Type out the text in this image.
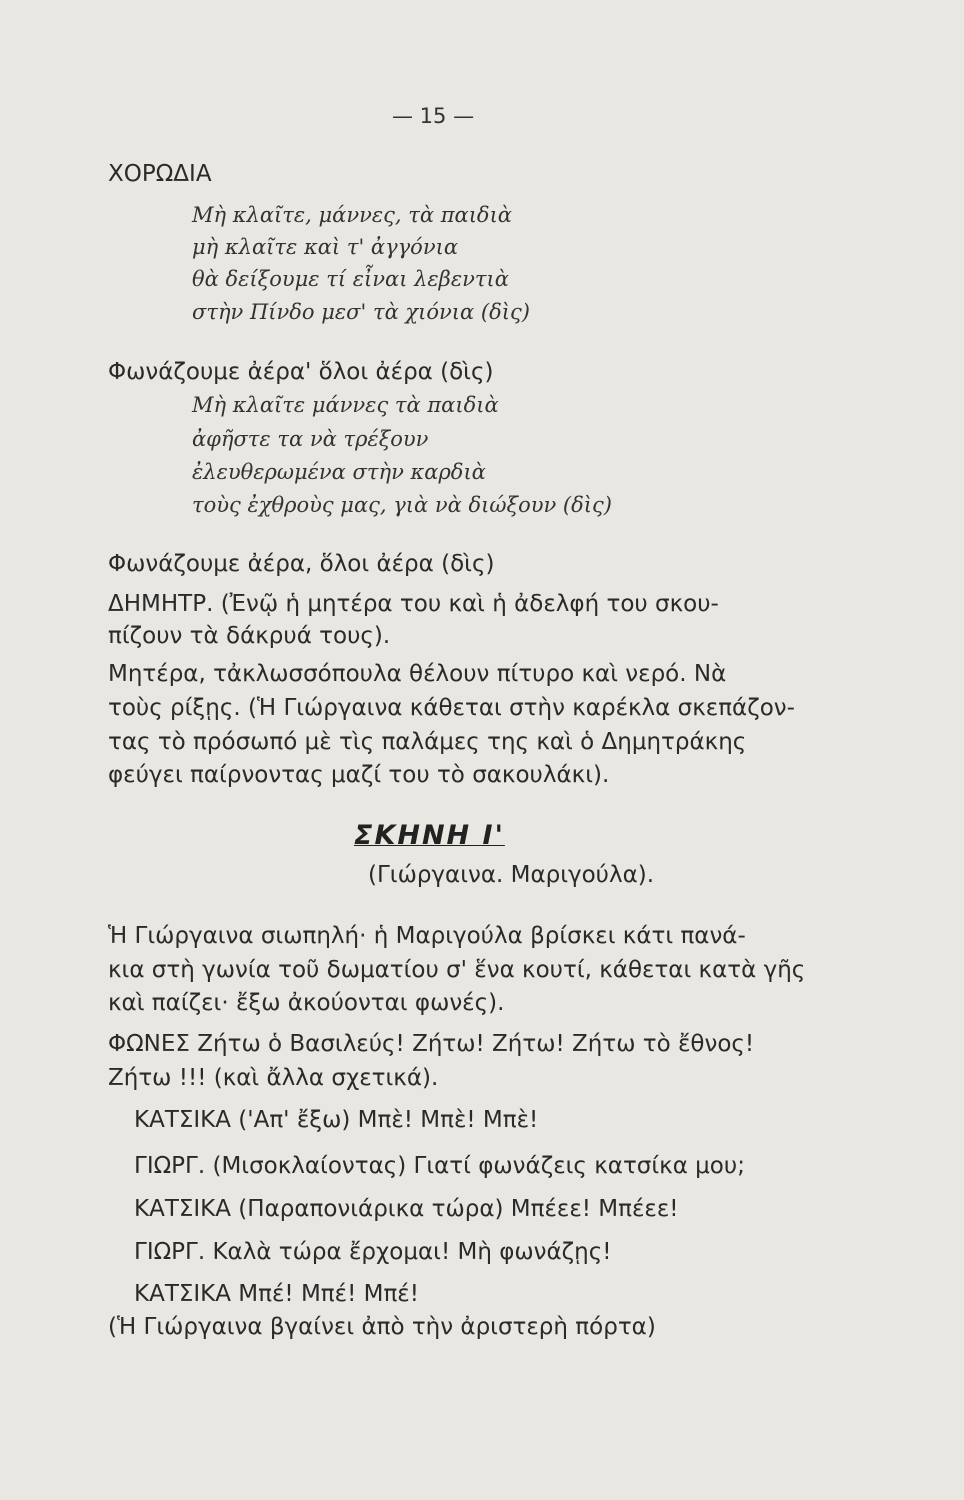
— 15 —
ΧΟΡΩΔΙΑ
Μὴ κλαῖτε, μάννες, τὰ παιδιὰ
μὴ κλαῖτε καὶ τ' ἀγγόνια
θὰ δείξουμε τί εἶναι λεβεντιὰ
στὴν Πίνδο μεσ' τὰ χιόνια (δὶς)
Φωνάζουμε ἀέρα' ὅλοι ἀέρα (δὶς)
Μὴ κλαῖτε μάννες τὰ παιδιὰ
ἀφῆστε τα νὰ τρέξουν
ἐλευθερωμένα στὴν καρδιὰ
τοὺς ἐχθροὺς μας, γιὰ νὰ διώξουν (δὶς)
Φωνάζουμε ἀέρα, ὅλοι ἀέρα (δὶς)
ΔΗΜΗΤΡ. (Ἐνῷ ἡ μητέρα του καὶ ἡ ἀδελφή του σκου-
πίζουν τὰ δάκρυά τους).
Μητέρα, τἀκλωσσόπουλα θέλουν πίτυρο καὶ νερό. Νὰ
τοὺς ρίξῃς. (Ἡ Γιώργαινα κάθεται στὴν καρέκλα σκεπάζον-
τας τὸ πρόσωπό μὲ τὶς παλάμες της καὶ ὁ Δημητράκης
φεύγει παίρνοντας μαζί του τὸ σακουλάκι).
ΣΚΗΝΗ Ι'
(Γιώργαινα. Μαριγούλα).
Ἡ Γιώργαινα σιωπηλή· ἡ Μαριγούλα βρίσκει κάτι πανά-
κια στὴ γωνία τοῦ δωματίου σ' ἕνα κουτί, κάθεται κατὰ γῆς
καὶ παίζει· ἔξω ἀκούονται φωνές).
ΦΩΝΕΣ Ζήτω ὁ Βασιλεύς! Ζήτω! Ζήτω! Ζήτω τὸ ἔθνος!
Ζήτω !!! (καὶ ἄλλα σχετικά).
ΚΑΤΣΙΚΑ ('Απ' ἔξω) Μπὲ! Μπὲ! Μπὲ!
ΓΙΩΡΓ. (Μισοκλαίοντας) Γιατί φωνάζεις κατσίκα μου;
ΚΑΤΣΙΚΑ (Παραπονιάρικα τώρα) Μπέεε! Μπέεε!
ΓΙΩΡΓ. Καλὰ τώρα ἔρχομαι! Μὴ φωνάζῃς!
ΚΑΤΣΙΚΑ Μπέ! Μπέ! Μπέ!
(Ἡ Γιώργαινα βγαίνει ἀπὸ τὴν ἀριστερὴ πόρτα)
